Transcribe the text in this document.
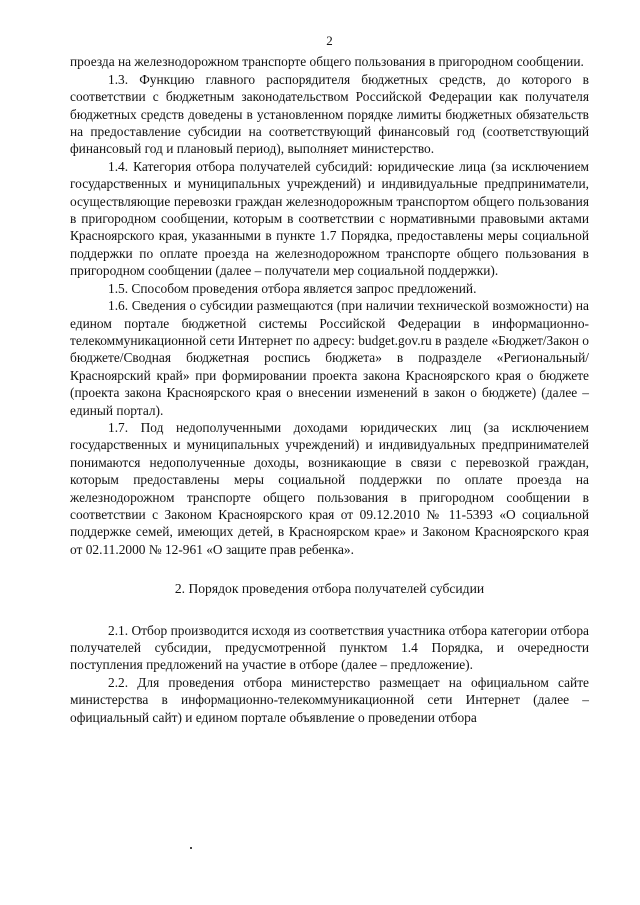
2

проезда на железнодорожном транспорте общего пользования в пригородном сообщении.

1.3. Функцию главного распорядителя бюджетных средств, до которого в соответствии с бюджетным законодательством Российской Федерации как получателя бюджетных средств доведены в установленном порядке лимиты бюджетных обязательств на предоставление субсидии на соответствующий финансовый год (соответствующий финансовый год и плановый период), выполняет министерство.

1.4. Категория отбора получателей субсидий: юридические лица (за исключением государственных и муниципальных учреждений) и индивидуальные предприниматели, осуществляющие перевозки граждан железнодорожным транспортом общего пользования в пригородном сообщении, которым в соответствии с нормативными правовыми актами Красноярского края, указанными в пункте 1.7 Порядка, предоставлены меры социальной поддержки по оплате проезда на железнодорожном транспорте общего пользования в пригородном сообщении (далее – получатели мер социальной поддержки).

1.5. Способом проведения отбора является запрос предложений.

1.6. Сведения о субсидии размещаются (при наличии технической возможности) на едином портале бюджетной системы Российской Федерации в информационно-телекоммуникационной сети Интернет по адресу: budget.gov.ru в разделе «Бюджет/Закон о бюджете/Сводная бюджетная роспись бюджета» в подразделе «Региональный/Красноярский край» при формировании проекта закона Красноярского края о бюджете (проекта закона Красноярского края о внесении изменений в закон о бюджете) (далее – единый портал).

1.7. Под недополученными доходами юридических лиц (за исключением государственных и муниципальных учреждений) и индивидуальных предпринимателей понимаются недополученные доходы, возникающие в связи с перевозкой граждан, которым предоставлены меры социальной поддержки по оплате проезда на железнодорожном транспорте общего пользования в пригородном сообщении в соответствии с Законом Красноярского края от 09.12.2010 № 11-5393 «О социальной поддержке семей, имеющих детей, в Красноярском крае» и Законом Красноярского края от 02.11.2000 № 12-961 «О защите прав ребенка».

2. Порядок проведения отбора получателей субсидии

2.1. Отбор производится исходя из соответствия участника отбора категории отбора получателей субсидии, предусмотренной пунктом 1.4 Порядка, и очередности поступления предложений на участие в отборе (далее – предложение).

2.2. Для проведения отбора министерство размещает на официальном сайте министерства в информационно-телекоммуникационной сети Интернет (далее – официальный сайт) и едином портале объявление о проведении отбора
